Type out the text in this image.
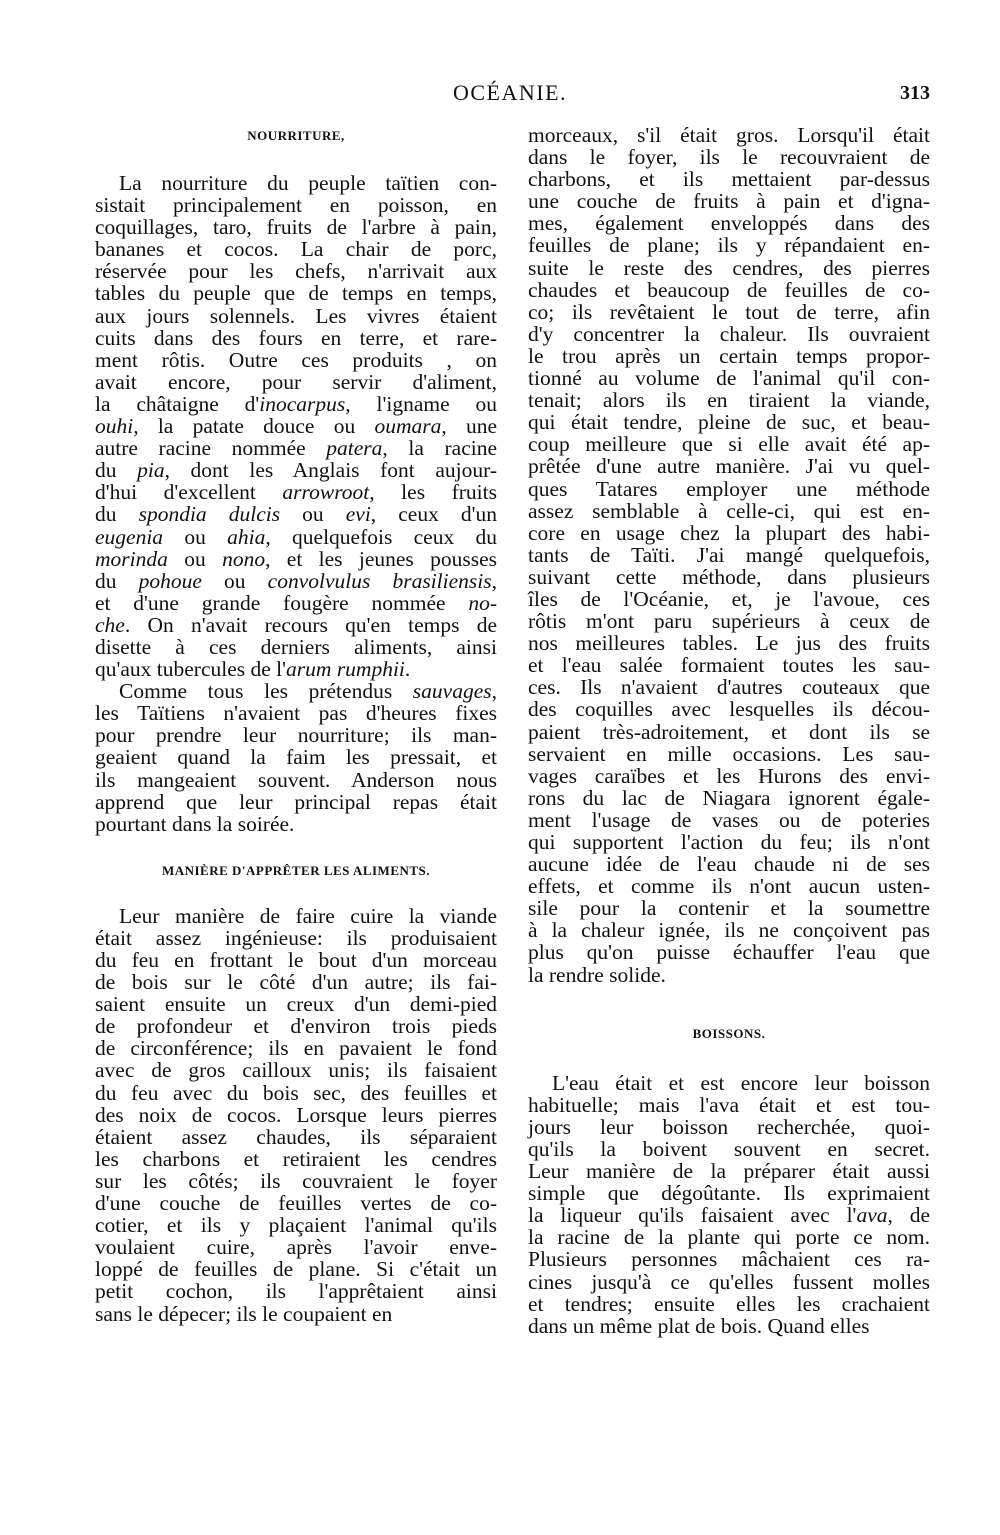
OCÉANIE.	313
NOURRITURE,
La nourriture du peuple taïtien con-
sistait principalement en poisson, en
coquillages, taro, fruits de l'arbre à pain,
bananes et cocos. La chair de porc,
réservée pour les chefs, n'arrivait aux
tables du peuple que de temps en temps,
aux jours solennels. Les vivres étaient
cuits dans des fours en terre, et rare-
ment rôtis. Outre ces produits , on
avait encore, pour servir d'aliment,
la châtaigne d'inocarpus, l'igname ou
ouhi, la patate douce ou oumara, une
autre racine nommée patera, la racine
du pia, dont les Anglais font aujour-
d'hui d'excellent arrowroot, les fruits
du spondia dulcis ou evi, ceux d'un
eugenia ou ahia, quelquefois ceux du
morinda ou nono, et les jeunes pousses
du pohoue ou convolvulus brasiliensis,
et d'une grande fougère nommée no-
che. On n'avait recours qu'en temps de
disette à ces derniers aliments, ainsi
qu'aux tubercules de l'arum rumphii.
Comme tous les prétendus sauvages,
les Taïtiens n'avaient pas d'heures fixes
pour prendre leur nourriture; ils man-
geaient quand la faim les pressait, et
ils mangeaient souvent. Anderson nous
apprend que leur principal repas était
pourtant dans la soirée.
MANIÈRE D'APPRÊTER LES ALIMENTS.
Leur manière de faire cuire la viande
était assez ingénieuse: ils produisaient
du feu en frottant le bout d'un morceau
de bois sur le côté d'un autre; ils fai-
saient ensuite un creux d'un demi-pied
de profondeur et d'environ trois pieds
de circonférence; ils en pavaient le fond
avec de gros cailloux unis; ils faisaient
du feu avec du bois sec, des feuilles et
des noix de cocos. Lorsque leurs pierres
étaient assez chaudes, ils séparaient
les charbons et retiraient les cendres
sur les côtés; ils couvraient le foyer
d'une couche de feuilles vertes de co-
cotier, et ils y plaçaient l'animal qu'ils
voulaient cuire, après l'avoir enve-
loppé de feuilles de plane. Si c'était un
petit cochon, ils l'apprêtaient ainsi
sans le dépecer; ils le coupaient en
morceaux, s'il était gros. Lorsqu'il était
dans le foyer, ils le recouvraient de
charbons, et ils mettaient par-dessus
une couche de fruits à pain et d'igna-
mes, également enveloppés dans des
feuilles de plane; ils y répandaient en-
suite le reste des cendres, des pierres
chaudes et beaucoup de feuilles de co-
co; ils revêtaient le tout de terre, afin
d'y concentrer la chaleur. Ils ouvraient
le trou après un certain temps propor-
tionné au volume de l'animal qu'il con-
tenait; alors ils en tiraient la viande,
qui était tendre, pleine de suc, et beau-
coup meilleure que si elle avait été ap-
prêtée d'une autre manière. J'ai vu quel-
ques Tatares employer une méthode
assez semblable à celle-ci, qui est en-
core en usage chez la plupart des habi-
tants de Taïti. J'ai mangé quelquefois,
suivant cette méthode, dans plusieurs
îles de l'Océanie, et, je l'avoue, ces
rôtis m'ont paru supérieurs à ceux de
nos meilleures tables. Le jus des fruits
et l'eau salée formaient toutes les sau-
ces. Ils n'avaient d'autres couteaux que
des coquilles avec lesquelles ils décou-
paient très-adroitement, et dont ils se
servaient en mille occasions. Les sau-
vages caraïbes et les Hurons des envi-
rons du lac de Niagara ignorent égale-
ment l'usage de vases ou de poteries
qui supportent l'action du feu; ils n'ont
aucune idée de l'eau chaude ni de ses
effets, et comme ils n'ont aucun usten-
sile pour la contenir et la soumettre
à la chaleur ignée, ils ne conçoivent pas
plus qu'on puisse échauffer l'eau que
la rendre solide.
BOISSONS.
L'eau était et est encore leur boisson
habituelle; mais l'ava était et est tou-
jours leur boisson recherchée, quoi-
qu'ils la boivent souvent en secret.
Leur manière de la préparer était aussi
simple que dégoûtante. Ils exprimaient
la liqueur qu'ils faisaient avec l'ava, de
la racine de la plante qui porte ce nom.
Plusieurs personnes mâchaient ces ra-
cines jusqu'à ce qu'elles fussent molles
et tendres; ensuite elles les crachaient
dans un même plat de bois. Quand elles
